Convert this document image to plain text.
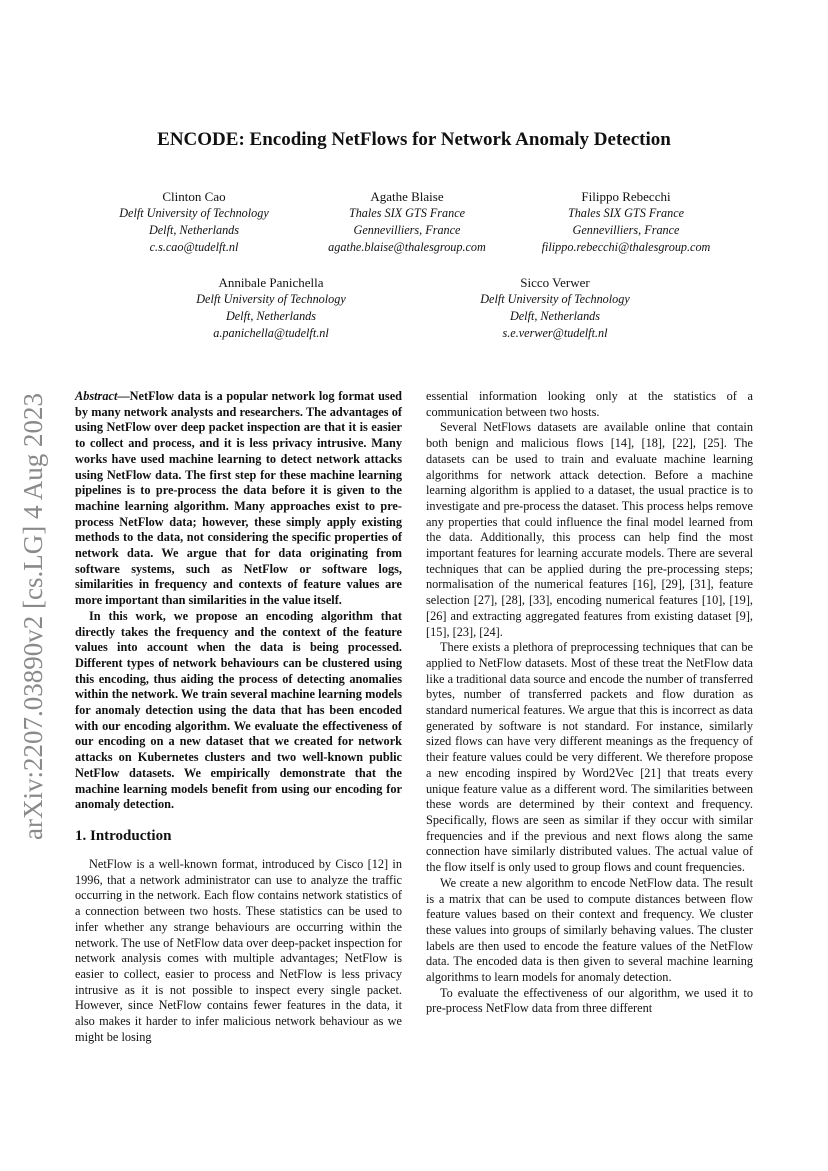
arXiv:2207.03890v2 [cs.LG] 4 Aug 2023
ENCODE: Encoding NetFlows for Network Anomaly Detection
Clinton Cao
Delft University of Technology
Delft, Netherlands
c.s.cao@tudelft.nl
Agathe Blaise
Thales SIX GTS France
Gennevilliers, France
agathe.blaise@thalesgroup.com
Filippo Rebecchi
Thales SIX GTS France
Gennevilliers, France
filippo.rebecchi@thalesgroup.com
Annibale Panichella
Delft University of Technology
Delft, Netherlands
a.panichella@tudelft.nl
Sicco Verwer
Delft University of Technology
Delft, Netherlands
s.e.verwer@tudelft.nl

Abstract—NetFlow data is a popular network log format used by many network analysts and researchers. The advantages of using NetFlow over deep packet inspection are that it is easier to collect and process, and it is less privacy intrusive. Many works have used machine learning to detect network attacks using NetFlow data. The first step for these machine learning pipelines is to pre-process the data before it is given to the machine learning algorithm. Many approaches exist to pre-process NetFlow data; however, these simply apply existing methods to the data, not considering the specific properties of network data. We argue that for data originating from software systems, such as NetFlow or software logs, similarities in frequency and contexts of feature values are more important than similarities in the value itself.

In this work, we propose an encoding algorithm that directly takes the frequency and the context of the feature values into account when the data is being processed. Different types of network behaviours can be clustered using this encoding, thus aiding the process of detecting anomalies within the network. We train several machine learning models for anomaly detection using the data that has been encoded with our encoding algorithm. We evaluate the effectiveness of our encoding on a new dataset that we created for network attacks on Kubernetes clusters and two well-known public NetFlow datasets. We empirically demonstrate that the machine learning models benefit from using our encoding for anomaly detection.

1. Introduction

NetFlow is a well-known format, introduced by Cisco [12] in 1996, that a network administrator can use to analyze the traffic occurring in the network. Each flow contains network statistics of a connection between two hosts. These statistics can be used to infer whether any strange behaviours are occurring within the network. The use of NetFlow data over deep-packet inspection for network analysis comes with multiple advantages; NetFlow is easier to collect, easier to process and NetFlow is less privacy intrusive as it is not possible to inspect every single packet. However, since NetFlow contains fewer features in the data, it also makes it harder to infer malicious network behaviour as we might be losing

essential information looking only at the statistics of a communication between two hosts.

Several NetFlows datasets are available online that contain both benign and malicious flows [14], [18], [22], [25]. The datasets can be used to train and evaluate machine learning algorithms for network attack detection. Before a machine learning algorithm is applied to a dataset, the usual practice is to investigate and pre-process the dataset. This process helps remove any properties that could influence the final model learned from the data. Additionally, this process can help find the most important features for learning accurate models. There are several techniques that can be applied during the pre-processing steps; normalisation of the numerical features [16], [29], [31], feature selection [27], [28], [33], encoding numerical features [10], [19], [26] and extracting aggregated features from existing dataset [9], [15], [23], [24].

There exists a plethora of preprocessing techniques that can be applied to NetFlow datasets. Most of these treat the NetFlow data like a traditional data source and encode the number of transferred bytes, number of transferred packets and flow duration as standard numerical features. We argue that this is incorrect as data generated by software is not standard. For instance, similarly sized flows can have very different meanings as the frequency of their feature values could be very different. We therefore propose a new encoding inspired by Word2Vec [21] that treats every unique feature value as a different word. The similarities between these words are determined by their context and frequency. Specifically, flows are seen as similar if they occur with similar frequencies and if the previous and next flows along the same connection have similarly distributed values. The actual value of the flow itself is only used to group flows and count frequencies.

We create a new algorithm to encode NetFlow data. The result is a matrix that can be used to compute distances between flow feature values based on their context and frequency. We cluster these values into groups of similarly behaving values. The cluster labels are then used to encode the feature values of the NetFlow data. The encoded data is then given to several machine learning algorithms to learn models for anomaly detection.

To evaluate the effectiveness of our algorithm, we used it to pre-process NetFlow data from three different
